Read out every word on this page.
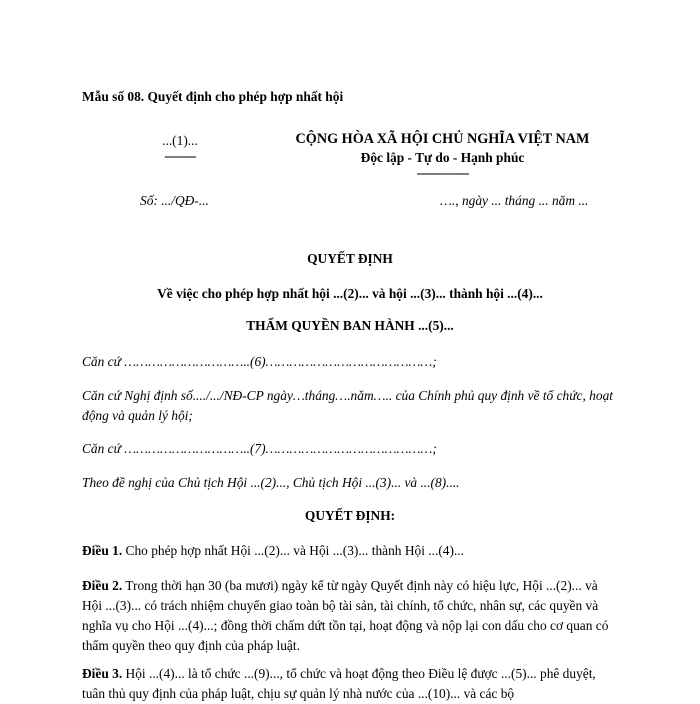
Mẫu số 08. Quyết định cho phép hợp nhất hội
...(1)...
---------
CỘNG HÒA XÃ HỘI CHỦ NGHĨA VIỆT NAM
Độc lập - Tự do - Hạnh phúc
---------------
Số: .../QĐ-...	…., ngày ... tháng ... năm ...
QUYẾT ĐỊNH
Về việc cho phép hợp nhất hội ...(2)... và hội ...(3)... thành hội ...(4)...
THẨM QUYỀN BAN HÀNH ...(5)...
Căn cứ …………………………..(6)……………………………………;
Căn cứ Nghị định số..../.../NĐ-CP ngày…tháng….năm….. của Chính phủ quy định về tổ chức, hoạt động và quản lý hội;
Căn cứ …………………………..(7)……………………………………;
Theo đề nghị của Chủ tịch Hội ...(2)..., Chủ tịch Hội ...(3)... và ...(8)....
QUYẾT ĐỊNH:
Điều 1. Cho phép hợp nhất Hội ...(2)... và Hội ...(3)... thành Hội ...(4)...
Điều 2. Trong thời hạn 30 (ba mươi) ngày kể từ ngày Quyết định này có hiệu lực, Hội ...(2)... và Hội ...(3)... có trách nhiệm chuyển giao toàn bộ tài sản, tài chính, tổ chức, nhân sự, các quyền và nghĩa vụ cho Hội ...(4)...; đồng thời chấm dứt tồn tại, hoạt động và nộp lại con dấu cho cơ quan có thẩm quyền theo quy định của pháp luật.
Điều 3. Hội ...(4)... là tổ chức ...(9)..., tổ chức và hoạt động theo Điều lệ được ...(5)... phê duyệt, tuân thủ quy định của pháp luật, chịu sự quản lý nhà nước của ...(10)... và các bộ
